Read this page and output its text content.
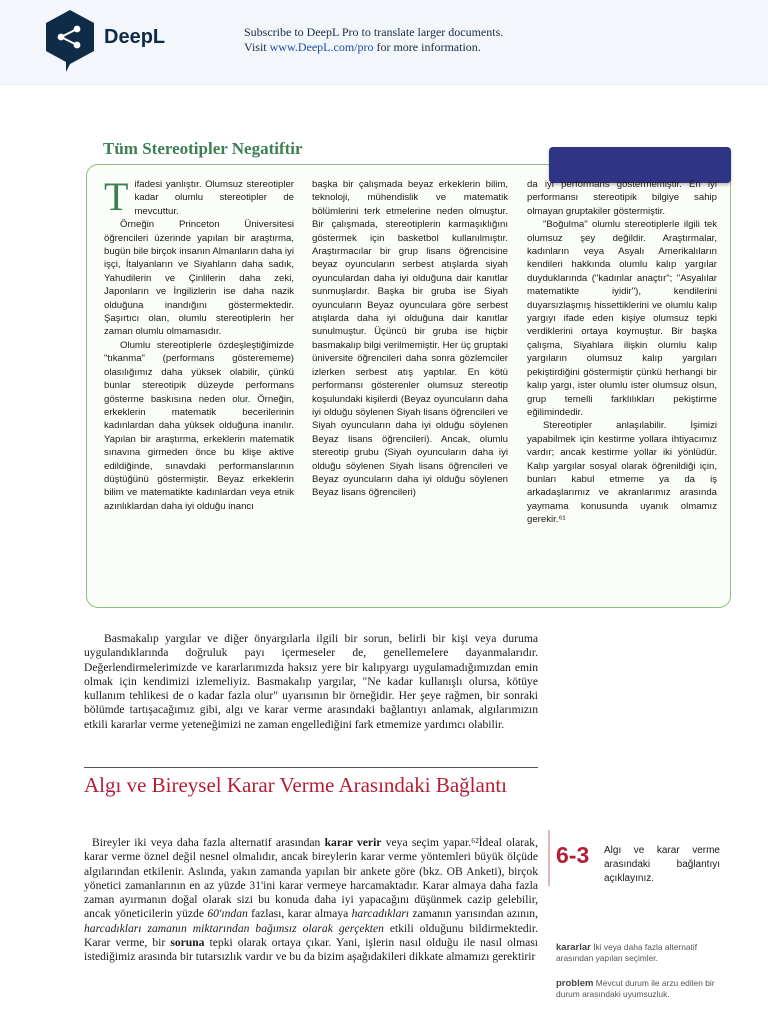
DeepL	Subscribe to DeepL Pro to translate larger documents.
Visit www.DeepL.com/pro for more information.
Tüm Stereotipler Negatiftir

Tifadesi yanlıştır. Olumsuz stereotipler kadar olumlu stereotipler de mevcuttur.

Örneğin Princeton Üniversitesi öğrencileri üzerinde yapılan bir araştırma, bugün bile birçok insanın Almanların daha iyi işçi, İtalyanların ve Siyahların daha sadık, Yahudilerin ve Çinlilerin daha zeki, Japonların ve İngilizlerin ise daha nazik olduğuna inandığını göstermektedir. Şaşırtıcı olan, olumlu stereotiplerin her zaman olumlu olmamasıdır.

Olumlu stereotiplerle özdeşleştiğimizde "tıkanma" (performans gösterememe) olasılığımız daha yüksek olabilir, çünkü bunlar stereotipik düzeyde performans gösterme baskısına neden olur. Örneğin, erkeklerin matematik becerilerinin kadınlardan daha yüksek olduğuna inanılır. Yapılan bir araştırma, erkeklerin matematik sınavına girmeden önce bu klişe aktive edildiğinde, sınavdaki performanslarının düştüğünü göstermiştir. Beyaz erkeklerin bilim ve matematikte kadınlardan veya etnik azınlıklardan daha iyi olduğu inancı

başka bir çalışmada beyaz erkeklerin bilim, teknoloji, mühendislik ve matematik bölümlerini terk etmelerine neden olmuştur. Bir çalışmada, stereotiplerin karmaşıklığını göstermek için basketbol kullanılmıştır. Araştırmacılar bir grup lisans öğrencisine beyaz oyuncuların serbest atışlarda siyah oyunculardan daha iyi olduğuna dair kanıtlar sunmuşlardır. Başka bir gruba ise Siyah oyuncuların Beyaz oyunculara göre serbest atışlarda daha iyi olduğuna dair kanıtlar sunulmuştur. Üçüncü bir gruba ise hiçbir basmakalıp bilgi verilmemiştir. Her üç gruptaki üniversite öğrencileri daha sonra gözlemciler izlerken serbest atış yaptılar. En kötü performansı gösterenler olumsuz stereotip koşulundaki kişilerdi (Beyaz oyuncuların daha iyi olduğu söylenen Siyah lisans öğrencileri ve Siyah oyuncuların daha iyi olduğu söylenen Beyaz lisans öğrencileri). Ancak, olumlu stereotip grubu (Siyah oyuncuların daha iyi olduğu söylenen Siyah lisans öğrencileri ve Beyaz oyuncuların daha iyi olduğu söylenen Beyaz lisans öğrencileri)

da iyi performans göstermemiştir. En iyi performansı stereotipik bilgiye sahip olmayan gruptakiler göstermiştir.

"Boğulma" olumlu stereotiplerle ilgili tek olumsuz şey değildir. Araştırmalar, kadınların veya Asyalı Amerikalıların kendileri hakkında olumlu kalıp yargılar duyduklarında ("kadınlar anaçtır"; "Asyalılar matematikte iyidir"), kendilerini duyarsızlaşmış hissettiklerini ve olumlu kalıp yargıyı ifade eden kişiye olumsuz tepki verdiklerini ortaya koymuştur. Bir başka çalışma, Siyahlara ilişkin olumlu kalıp yargıların olumsuz kalıp yargıları pekiştirdiğini göstermiştir çünkü herhangi bir kalıp yargı, ister olumlu ister olumsuz olsun, grup temelli farklılıkları pekiştirme eğilimindedir.

Stereotipler anlaşılabilir. İşimizi yapabilmek için kestirme yollara ihtiyacımız vardır; ancak kestirme yollar iki yönlüdür. Kalıp yargılar sosyal olarak öğrenildiği için, bunları kabul etmeme ya da iş arkadaşlarımız ve akranlarımız arasında yaymama konusunda uyanık olmamız gerekir.⁶¹

Basmakalıp yargılar ve diğer önyargılarla ilgili bir sorun, belirli bir kişi veya duruma uygulandıklarında doğruluk payı içermeseler de, genellemelere dayanmalarıdır. Değerlendirmelerimizde ve kararlarımızda haksız yere bir kalıpyargı uygulamadığımızdan emin olmak için kendimizi izlemeliyiz. Basmakalıp yargılar, "Ne kadar kullanışlı olursa, kötüye kullanım tehlikesi de o kadar fazla olur" uyarısının bir örneğidir. Her şeye rağmen, bir sonraki bölümde tartışacağımız gibi, algı ve karar verme arasındaki bağlantıyı anlamak, algılarımızın etkili kararlar verme yeteneğimizi ne zaman engellediğini fark etmemize yardımcı olabilir.
Algı ve Bireysel Karar Verme Arasındaki Bağlantı
Bireyler iki veya daha fazla alternatif arasından karar verir veya seçim yapar.⁶²İdeal olarak, karar verme öznel değil nesnel olmalıdır, ancak bireylerin karar verme yöntemleri büyük ölçüde algılarından etkilenir. Aslında, yakın zamanda yapılan bir ankete göre (bkz. OB Anketi), birçok yönetici zamanlarının en az yüzde 31'ini karar vermeye harcamaktadır. Karar almaya daha fazla zaman ayırmanın doğal olarak sizi bu konuda daha iyi yapacağını düşünmek cazip gelebilir, ancak yöneticilerin yüzde 60'ından fazlası, karar almaya harcadıkları zamanın yarısından azının, harcadıkları zamanın miktarından bağımsız olarak gerçekten etkili olduğunu bildirmektedir. Karar verme, bir soruna tepki olarak ortaya çıkar. Yani, işlerin nasıl olduğu ile nasıl olması istediğimiz arasında bir tutarsızlık vardır ve bu da bizim aşağıdakileri dikkate almamızı gerektirir
6-3 Algı ve karar verme arasındaki bağlantıyı açıklayınız.
kararlar İki veya daha fazla alternatif arasından yapılan seçimler.
problem Mevcut durum ile arzu edilen bir durum arasındaki uyumsuzluk.
